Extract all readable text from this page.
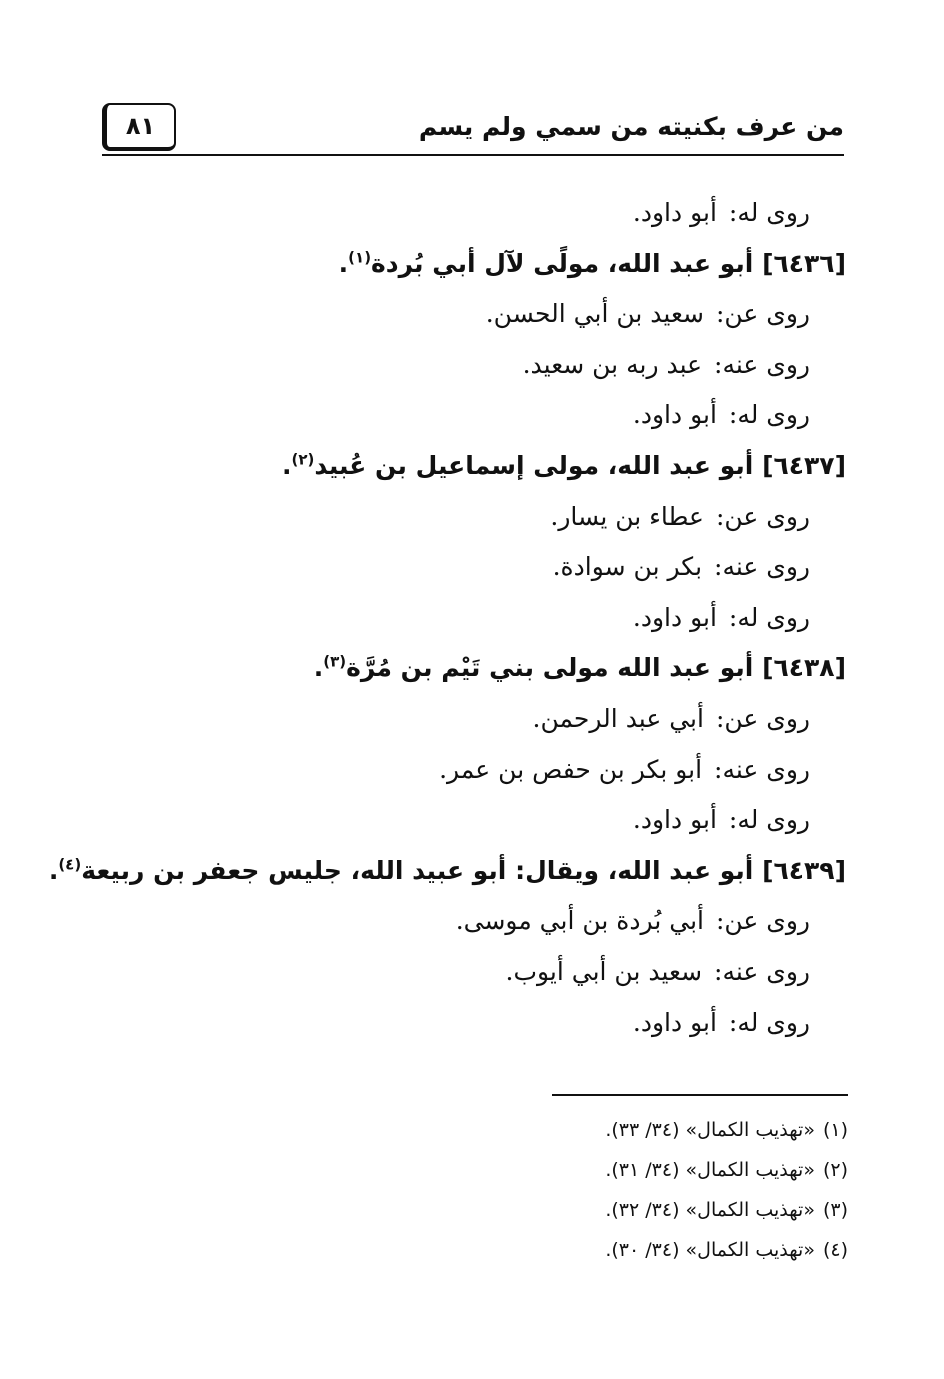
من عرف بكنيته من سمي ولم يسم
٨١
روى له:أبو داود.
[٦٤٣٦] أبو عبد الله، مولًى لآل أبي بُردة$^{(١)}$.
روى عن:سعيد بن أبي الحسن.
روى عنه:عبد ربه بن سعيد.
روى له:أبو داود.
[٦٤٣٧] أبو عبد الله، مولى إسماعيل بن عُبيد$^{(٢)}$.
روى عن:عطاء بن يسار.
روى عنه:بكر بن سوادة.
روى له:أبو داود.
[٦٤٣٨] أبو عبد الله مولى بني تَيْم بن مُرَّة$^{(٣)}$.
روى عن:أبي عبد الرحمن.
روى عنه:أبو بكر بن حفص بن عمر.
روى له:أبو داود.
[٦٤٣٩] أبو عبد الله، ويقال: أبو عبيد الله، جليس جعفر بن ربيعة$^{(٤)}$.
روى عن:أبي بُردة بن أبي موسى.
روى عنه:سعيد بن أبي أيوب.
روى له:أبو داود.
(١)«تهذيب الكمال» (٣٤/ ٣٣).
(٢)«تهذيب الكمال» (٣٤/ ٣١).
(٣)«تهذيب الكمال» (٣٤/ ٣٢).
(٤)«تهذيب الكمال» (٣٤/ ٣٠).
